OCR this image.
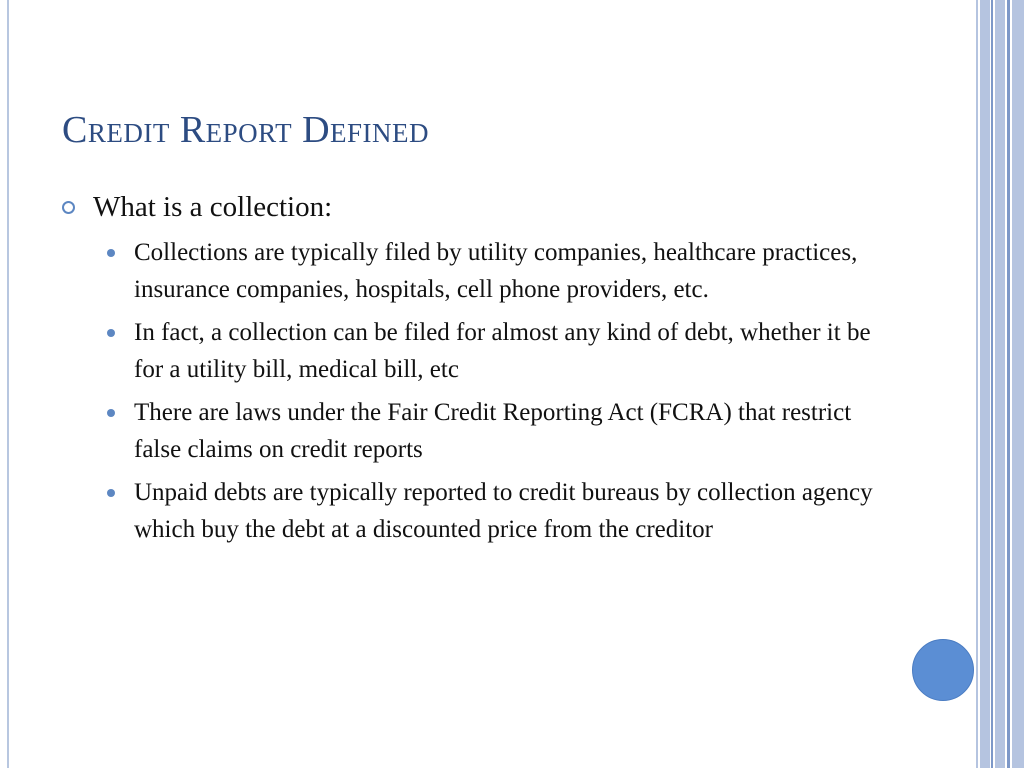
Credit Report Defined
What is a collection:
Collections are typically filed by utility companies, healthcare practices, insurance companies, hospitals, cell phone providers, etc.
In fact, a collection can be filed for almost any kind of debt, whether it be for a utility bill, medical bill, etc
There are laws under the Fair Credit Reporting Act (FCRA) that restrict false claims on credit reports
Unpaid debts are typically reported to credit bureaus by collection agency which buy the debt at a discounted price from the creditor
